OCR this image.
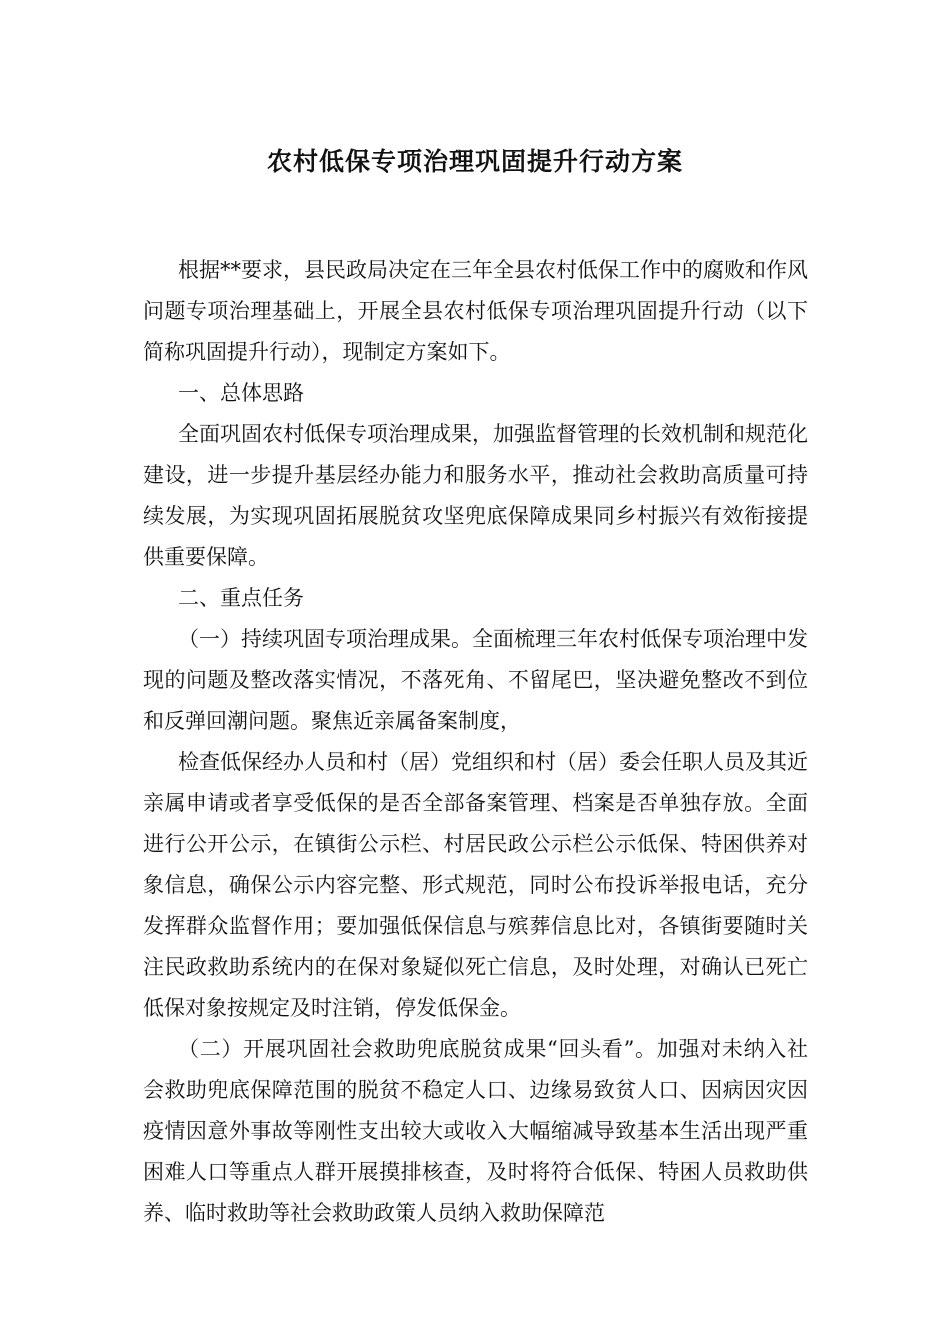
农村低保专项治理巩固提升行动方案

根据**要求，县民政局决定在三年全县农村低保工作中的腐败和作风问题专项治理基础上，开展全县农村低保专项治理巩固提升行动（以下简称巩固提升行动），现制定方案如下。

一、总体思路

全面巩固农村低保专项治理成果，加强监督管理的长效机制和规范化建设，进一步提升基层经办能力和服务水平，推动社会救助高质量可持续发展，为实现巩固拓展脱贫攻坚兜底保障成果同乡村振兴有效衔接提供重要保障。

二、重点任务

（一）持续巩固专项治理成果。全面梳理三年农村低保专项治理中发现的问题及整改落实情况，不落死角、不留尾巴，坚决避免整改不到位和反弹回潮问题。聚焦近亲属备案制度，

检查低保经办人员和村（居）党组织和村（居）委会任职人员及其近亲属申请或者享受低保的是否全部备案管理、档案是否单独存放。全面进行公开公示，在镇街公示栏、村居民政公示栏公示低保、特困供养对象信息，确保公示内容完整、形式规范，同时公布投诉举报电话，充分发挥群众监督作用；要加强低保信息与殡葬信息比对，各镇街要随时关注民政救助系统内的在保对象疑似死亡信息，及时处理，对确认已死亡低保对象按规定及时注销，停发低保金。

（二）开展巩固社会救助兜底脱贫成果“回头看”。加强对未纳入社会救助兜底保障范围的脱贫不稳定人口、边缘易致贫人口、因病因灾因疫情因意外事故等刚性支出较大或收入大幅缩减导致基本生活出现严重困难人口等重点人群开展摸排核查，及时将符合低保、特困人员救助供养、临时救助等社会救助政策人员纳入救助保障范
